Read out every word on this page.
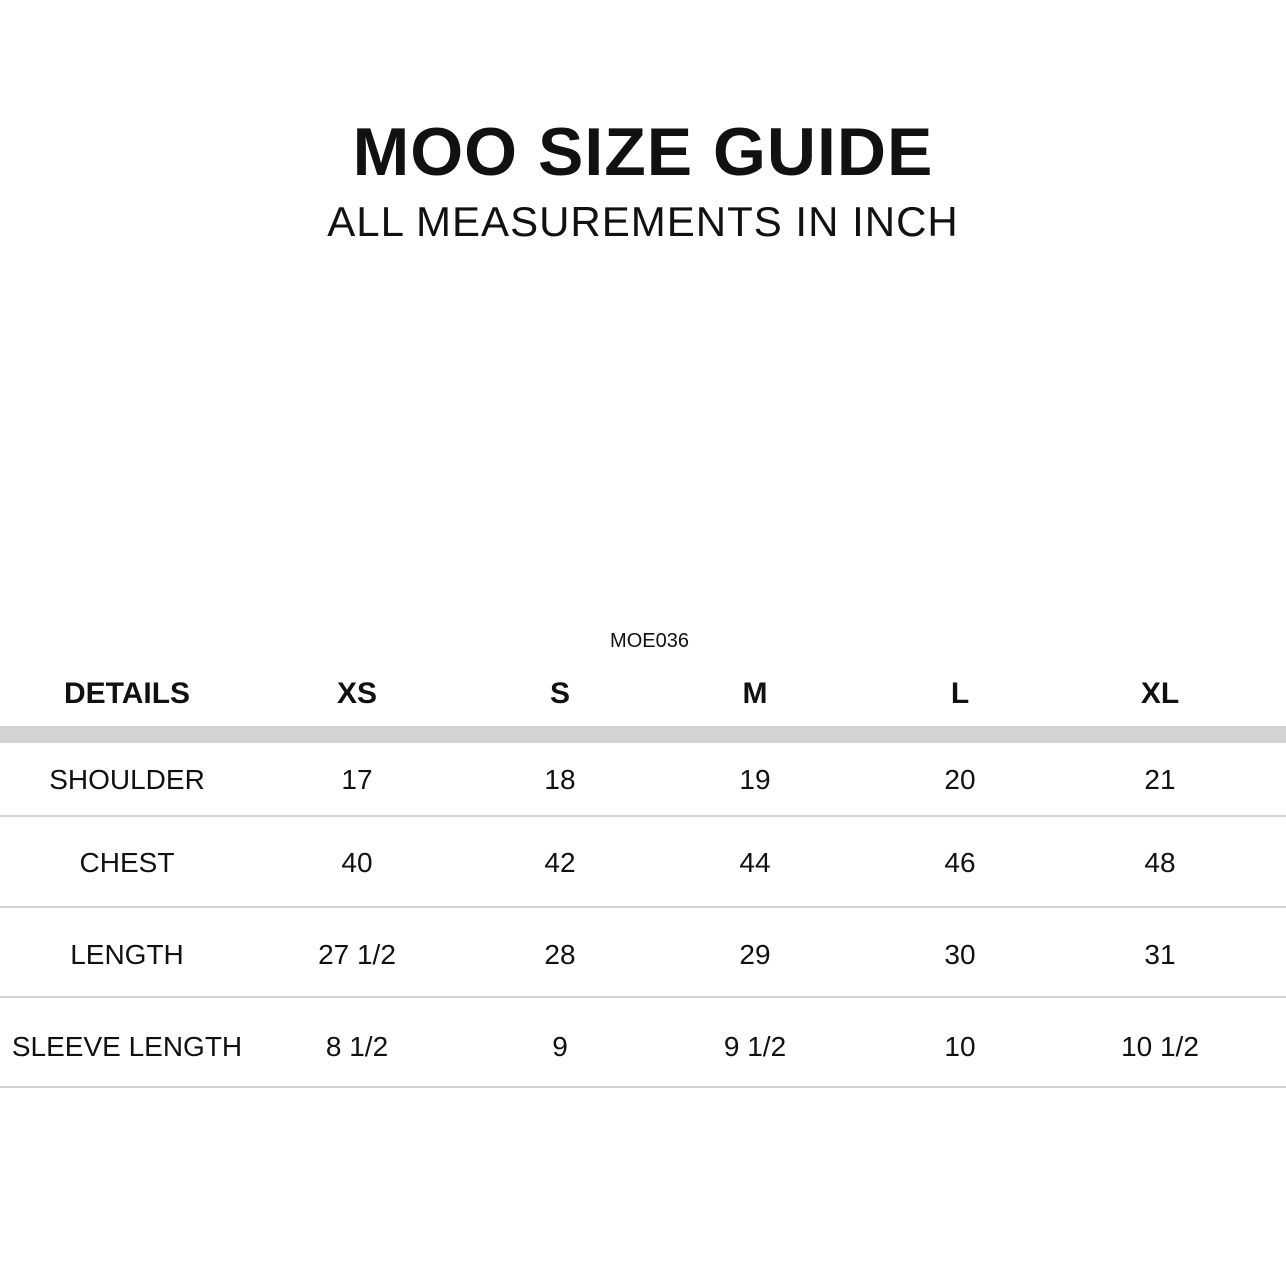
MOO SIZE GUIDE
ALL MEASUREMENTS IN INCH
MOE036
DETAILS	XS	S	M	L	XL
SHOULDER	17	18	19	20	21
CHEST	40	42	44	46	48
LENGTH	27 1/2	28	29	30	31
SLEEVE LENGTH	8 1/2	9	9 1/2	10	10 1/2
